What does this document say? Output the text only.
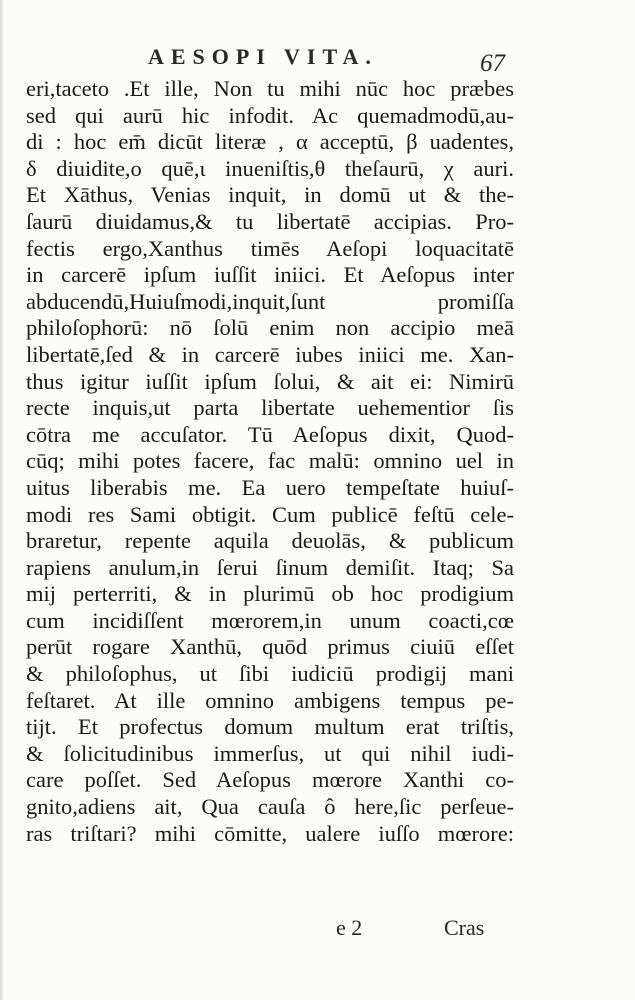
AESOPI VITA.	67
eri,taceto .Et ille, Non tu mihi nūc hoc præbes
sed qui aurū hic infodit. Ac quemadmodū,au-
di : hoc em̄ dicūt literæ , α acceptū, β uadentes,
δ diuidite,ο quē,ι inueniſtis,θ theſaurū, χ auri.
Et Xāthus, Venias inquit, in domū ut & the-
ſaurū diuidamus,& tu libertatē accipias. Pro-
fectis ergo,Xanthus timēs Aeſopi loquacitatē
in carcerē ipſum iuſſit iniici. Et Aeſopus inter
abducendū,Huiuſmodi,inquit,ſunt promiſſa
philoſophorū: nō ſolū enim non accipio meā
libertatē,ſed & in carcerē iubes iniici me. Xan-
thus igitur iuſſit ipſum ſolui, & ait ei: Nimirū
recte inquis,ut parta libertate uehementior ſis
cōtra me accuſator. Tū Aeſopus dixit, Quod-
cūq; mihi potes facere, fac malū: omnino uel in
uitus liberabis me. Ea uero tempeſtate huiuſ-
modi res Sami obtigit. Cum publicē feſtū cele-
braretur, repente aquila deuolās, & publicum
rapiens anulum,in ſerui ſinum demiſit. Itaq; Sa
mij perterriti, & in plurimū ob hoc prodigium
cum incidiſſent mœrorem,in unum coacti,cœ
perūt rogare Xanthū, quōd primus ciuiū eſſet
& philoſophus, ut ſibi iudiciū prodigij mani
feſtaret. At ille omnino ambigens tempus pe-
tijt. Et profectus domum multum erat triſtis,
& ſolicitudinibus immerſus, ut qui nihil iudi-
care poſſet. Sed Aeſopus mœrore Xanthi co-
gnito,adiens ait, Qua cauſa ô here,ſic perſeue-
ras triſtari? mihi cōmitte, ualere iuſſo mœrore:
e 2	Cras
